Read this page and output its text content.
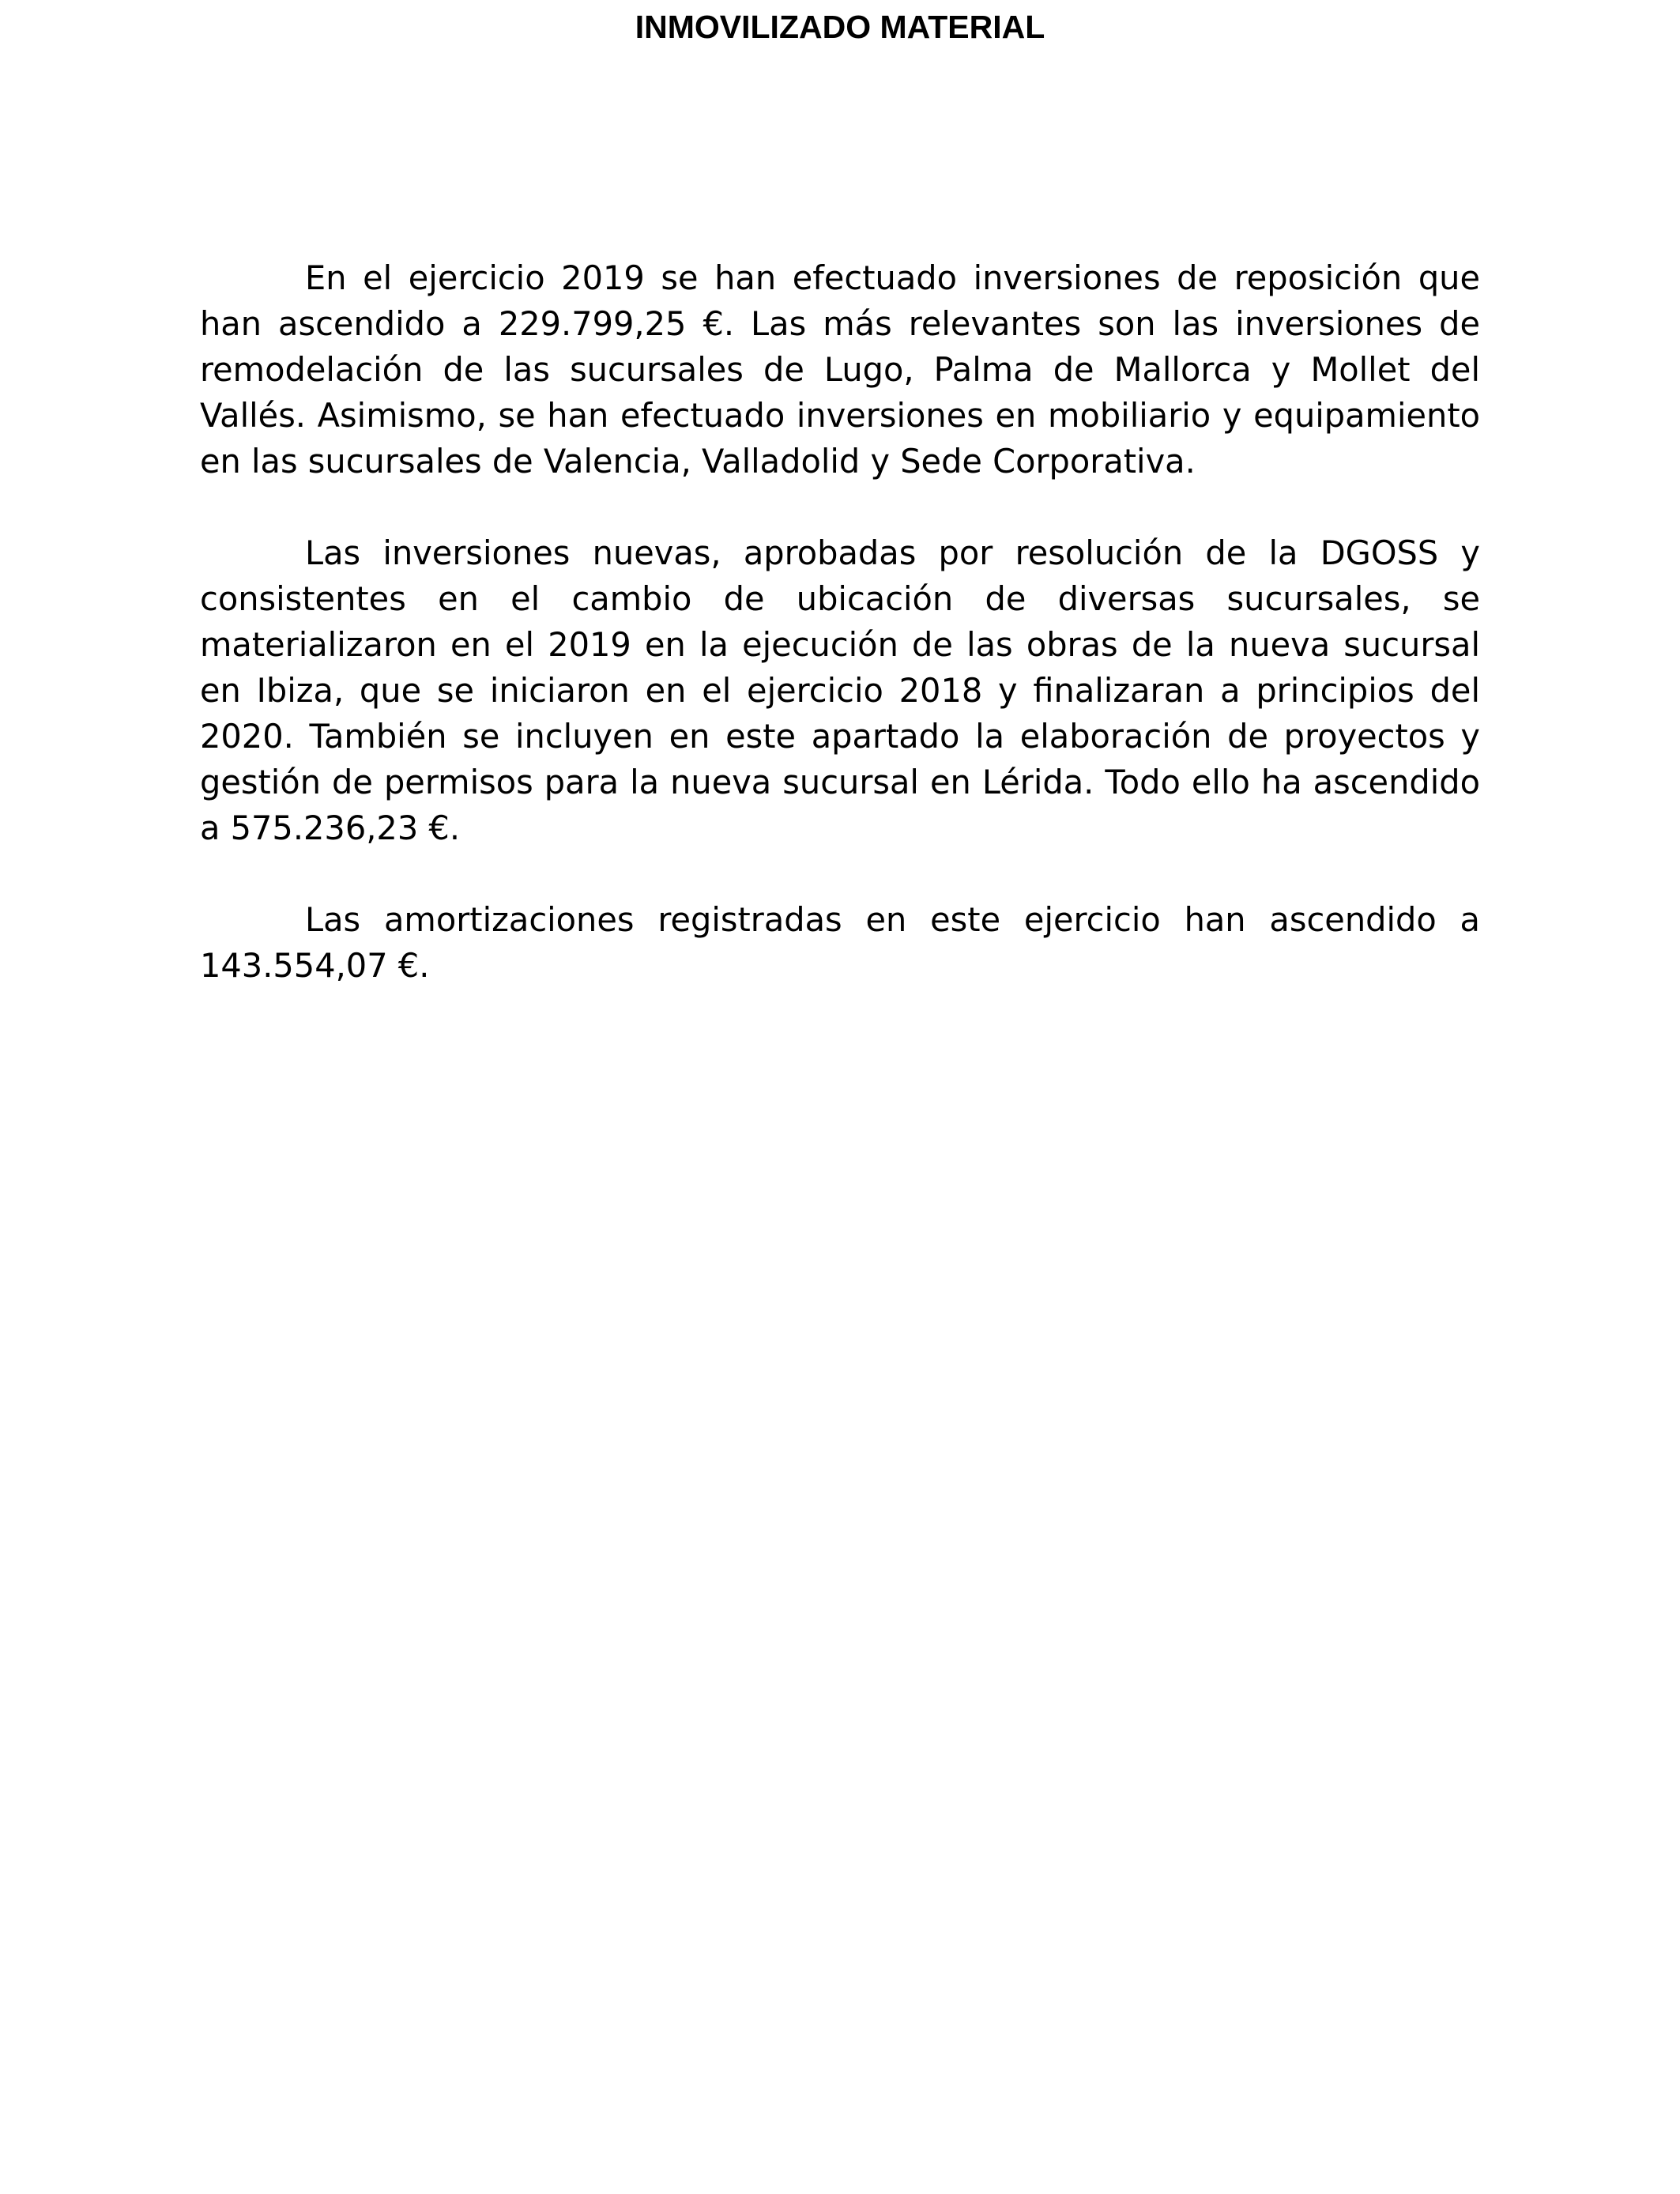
INMOVILIZADO MATERIAL

En el ejercicio 2019 se han efectuado inversiones de reposición que han ascendido a 229.799,25 €. Las más relevantes son las inversiones de remodelación de las sucursales de Lugo, Palma de Mallorca y Mollet del Vallés. Asimismo, se han efectuado inversiones en mobiliario y equipamiento en las sucursales de Valencia, Valladolid y Sede Corporativa.

Las inversiones nuevas, aprobadas por resolución de la DGOSS y consistentes en el cambio de ubicación de diversas sucursales, se materializaron en el 2019 en la ejecución de las obras de la nueva sucursal en Ibiza, que se iniciaron en el ejercicio 2018 y finalizaran a principios del 2020. También se incluyen en este apartado la elaboración de proyectos y gestión de permisos para la nueva sucursal en Lérida. Todo ello ha ascendido a 575.236,23 €.

Las amortizaciones registradas en este ejercicio han ascendido a 143.554,07 €.
